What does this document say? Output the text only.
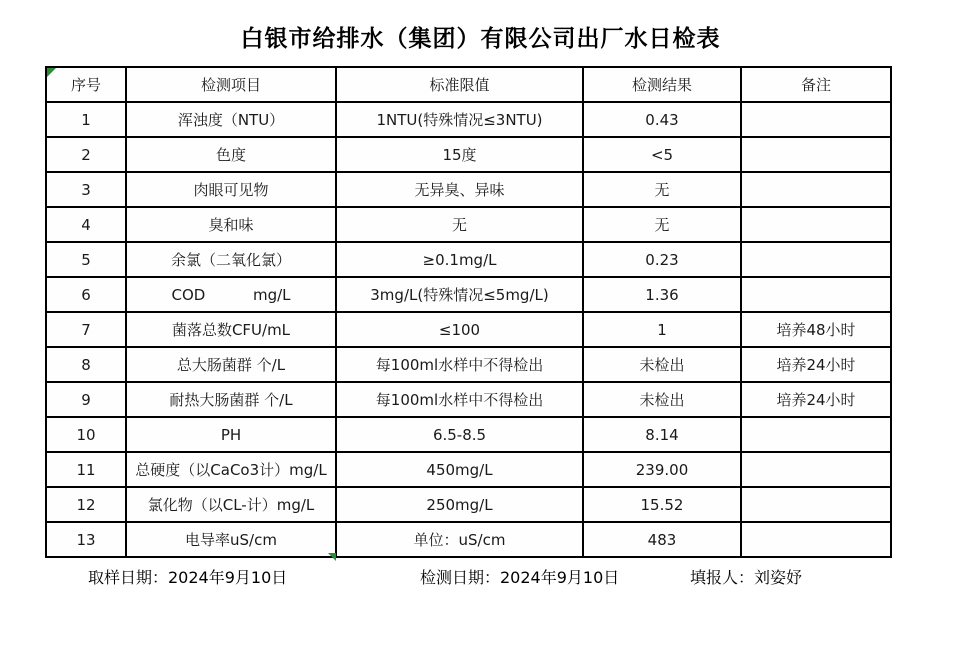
白银市给排水（集团）有限公司出厂水日检表
序号	检测项目	标准限值	检测结果	备注
1	浑浊度（NTU）	1NTU(特殊情况≤3NTU)	0.43	
2	色度	15度	<5	
3	肉眼可见物	无异臭、异味	无	
4	臭和味	无	无	
5	余氯（二氧化氯）	≥0.1mg/L	0.23	
6	COD          mg/L	3mg/L(特殊情况≤5mg/L)	1.36	
7	菌落总数CFU/mL	≤100	1	培养48小时
8	总大肠菌群 个/L	每100ml水样中不得检出	未检出	培养24小时
9	耐热大肠菌群 个/L	每100ml水样中不得检出	未检出	培养24小时
10	PH	6.5-8.5	8.14	
11	总硬度（以CaCo3计）mg/L	450mg/L	239.00	
12	氯化物（以CL-计）mg/L	250mg/L	15.52	
13	电导率uS/cm	单位：uS/cm	483	
取样日期：2024年9月10日	检测日期：2024年9月10日	填报人：刘姿妤
